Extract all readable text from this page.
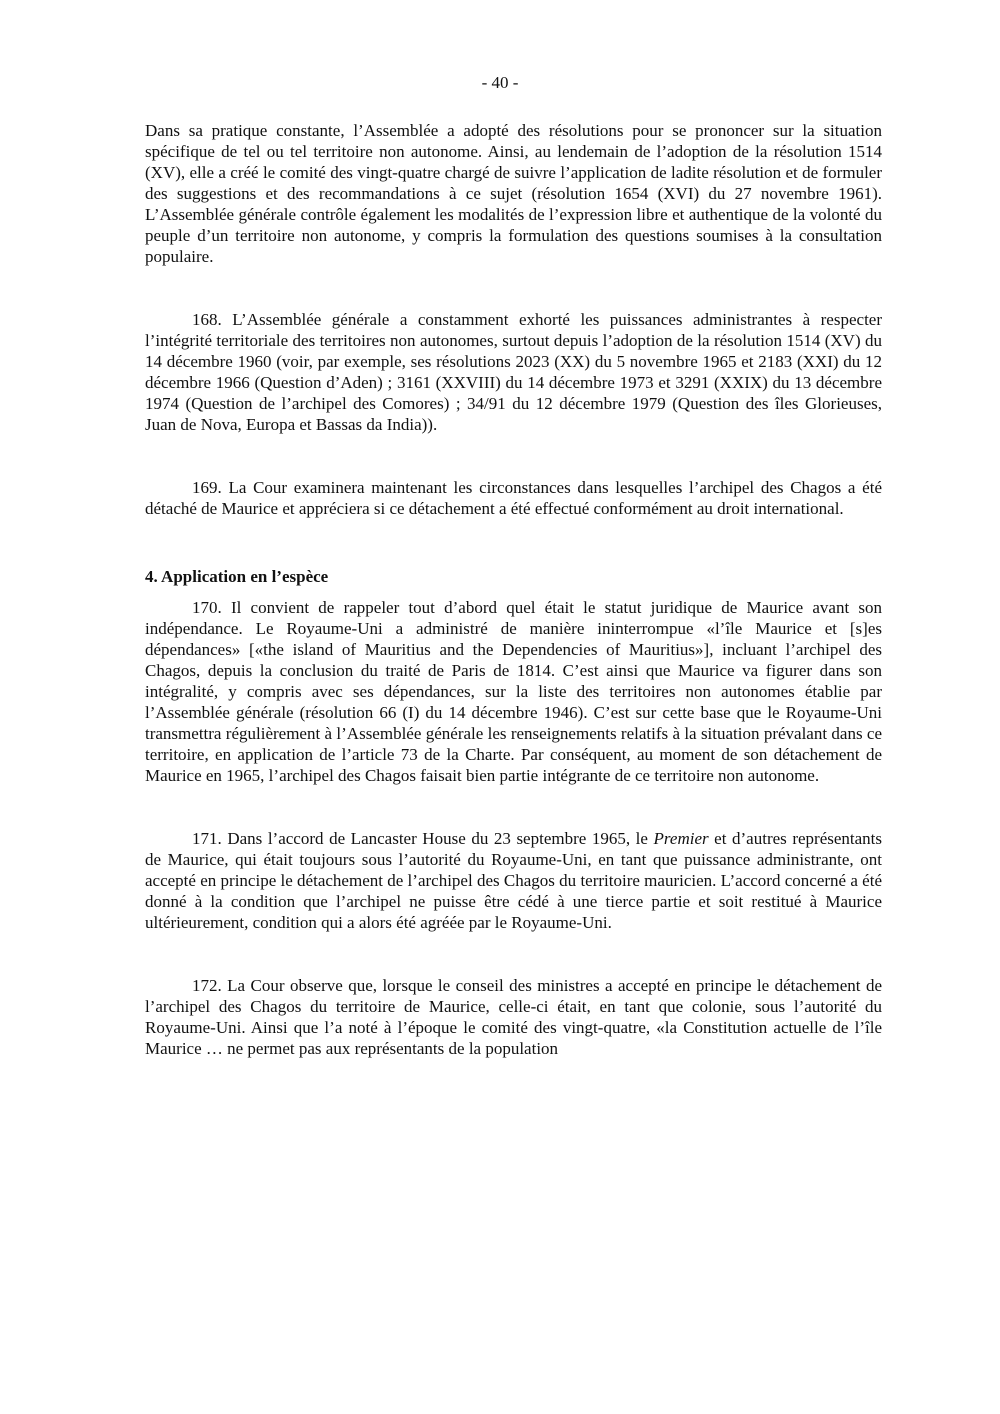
- 40 -

Dans sa pratique constante, l’Assemblée a adopté des résolutions pour se prononcer sur la situation spécifique de tel ou tel territoire non autonome. Ainsi, au lendemain de l’adoption de la résolution 1514 (XV), elle a créé le comité des vingt-quatre chargé de suivre l’application de ladite résolution et de formuler des suggestions et des recommandations à ce sujet (résolution 1654 (XVI) du 27 novembre 1961). L’Assemblée générale contrôle également les modalités de l’expression libre et authentique de la volonté du peuple d’un territoire non autonome, y compris la formulation des questions soumises à la consultation populaire.

168. L’Assemblée générale a constamment exhorté les puissances administrantes à respecter l’intégrité territoriale des territoires non autonomes, surtout depuis l’adoption de la résolution 1514 (XV) du 14 décembre 1960 (voir, par exemple, ses résolutions 2023 (XX) du 5 novembre 1965 et 2183 (XXI) du 12 décembre 1966 (Question d’Aden) ; 3161 (XXVIII) du 14 décembre 1973 et 3291 (XXIX) du 13 décembre 1974 (Question de l’archipel des Comores) ; 34/91 du 12 décembre 1979 (Question des îles Glorieuses, Juan de Nova, Europa et Bassas da India)).

169. La Cour examinera maintenant les circonstances dans lesquelles l’archipel des Chagos a été détaché de Maurice et appréciera si ce détachement a été effectué conformément au droit international.

4. Application en l’espèce

170. Il convient de rappeler tout d’abord quel était le statut juridique de Maurice avant son indépendance. Le Royaume-Uni a administré de manière ininterrompue «l’île Maurice et [s]es dépendances» [«the island of Mauritius and the Dependencies of Mauritius»], incluant l’archipel des Chagos, depuis la conclusion du traité de Paris de 1814. C’est ainsi que Maurice va figurer dans son intégralité, y compris avec ses dépendances, sur la liste des territoires non autonomes établie par l’Assemblée générale (résolution 66 (I) du 14 décembre 1946). C’est sur cette base que le Royaume-Uni transmettra régulièrement à l’Assemblée générale les renseignements relatifs à la situation prévalant dans ce territoire, en application de l’article 73 de la Charte. Par conséquent, au moment de son détachement de Maurice en 1965, l’archipel des Chagos faisait bien partie intégrante de ce territoire non autonome.

171. Dans l’accord de Lancaster House du 23 septembre 1965, le Premier et d’autres représentants de Maurice, qui était toujours sous l’autorité du Royaume-Uni, en tant que puissance administrante, ont accepté en principe le détachement de l’archipel des Chagos du territoire mauricien. L’accord concerné a été donné à la condition que l’archipel ne puisse être cédé à une tierce partie et soit restitué à Maurice ultérieurement, condition qui a alors été agréée par le Royaume-Uni.

172. La Cour observe que, lorsque le conseil des ministres a accepté en principe le détachement de l’archipel des Chagos du territoire de Maurice, celle-ci était, en tant que colonie, sous l’autorité du Royaume-Uni. Ainsi que l’a noté à l’époque le comité des vingt-quatre, «la Constitution actuelle de l’île Maurice … ne permet pas aux représentants de la population
